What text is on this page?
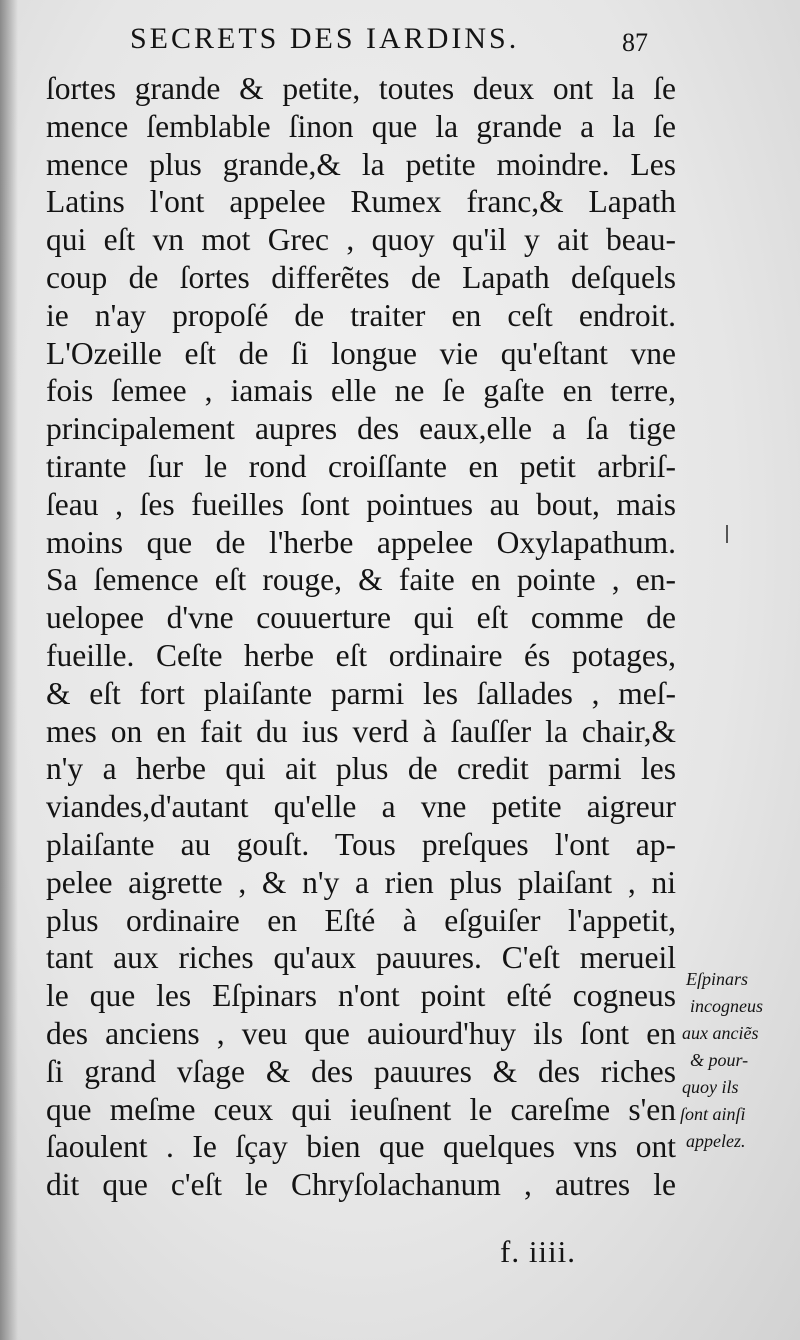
SECRETS DES IARDINS.	87
ſortes grande & petite, toutes deux ont la ſe
mence ſemblable ſinon que la grande a la ſe
mence plus grande,& la petite moindre. Les
Latins l'ont appelee Rumex franc,& Lapath
qui eſt vn mot Grec , quoy qu'il y ait beau-
coup de ſortes differẽtes de Lapath deſquels
ie n'ay propoſé de traiter en ceſt endroit.
L'Ozeille eſt de ſi longue vie qu'eſtant vne
fois ſemee , iamais elle ne ſe gaſte en terre,
principalement aupres des eaux,elle a ſa tige
tirante ſur le rond croiſſante en petit arbriſ-
ſeau , ſes fueilles ſont pointues au bout, mais
moins que de l'herbe appelee Oxylapathum.
Sa ſemence eſt rouge, & faite en pointe , en-
uelopee d'vne couuerture qui eſt comme de
fueille. Ceſte herbe eſt ordinaire és potages,
& eſt fort plaiſante parmi les ſallades , meſ-
mes on en fait du ius verd à ſauſſer la chair,&
n'y a herbe qui ait plus de credit parmi les
viandes,d'autant qu'elle a vne petite aigreur
plaiſante au gouſt. Tous preſques l'ont ap-
pelee aigrette , & n'y a rien plus plaiſant , ni
plus ordinaire en Eſté à eſguiſer l'appetit,
tant aux riches qu'aux pauures. C'eſt merueil
le que les Eſpinars n'ont point eſté cogneus
des anciens , veu que auiourd'huy ils ſont en
ſi grand vſage & des pauures & des riches
que meſme ceux qui ieuſnent le careſme s'en
ſaoulent . Ie ſçay bien que quelques vns ont
dit que c'eſt le Chryſolachanum , autres le
Eſpinars
incogneus
aux anciẽs
& pour-
quoy ils
ſont ainſi
appelez.
f. iiii.
